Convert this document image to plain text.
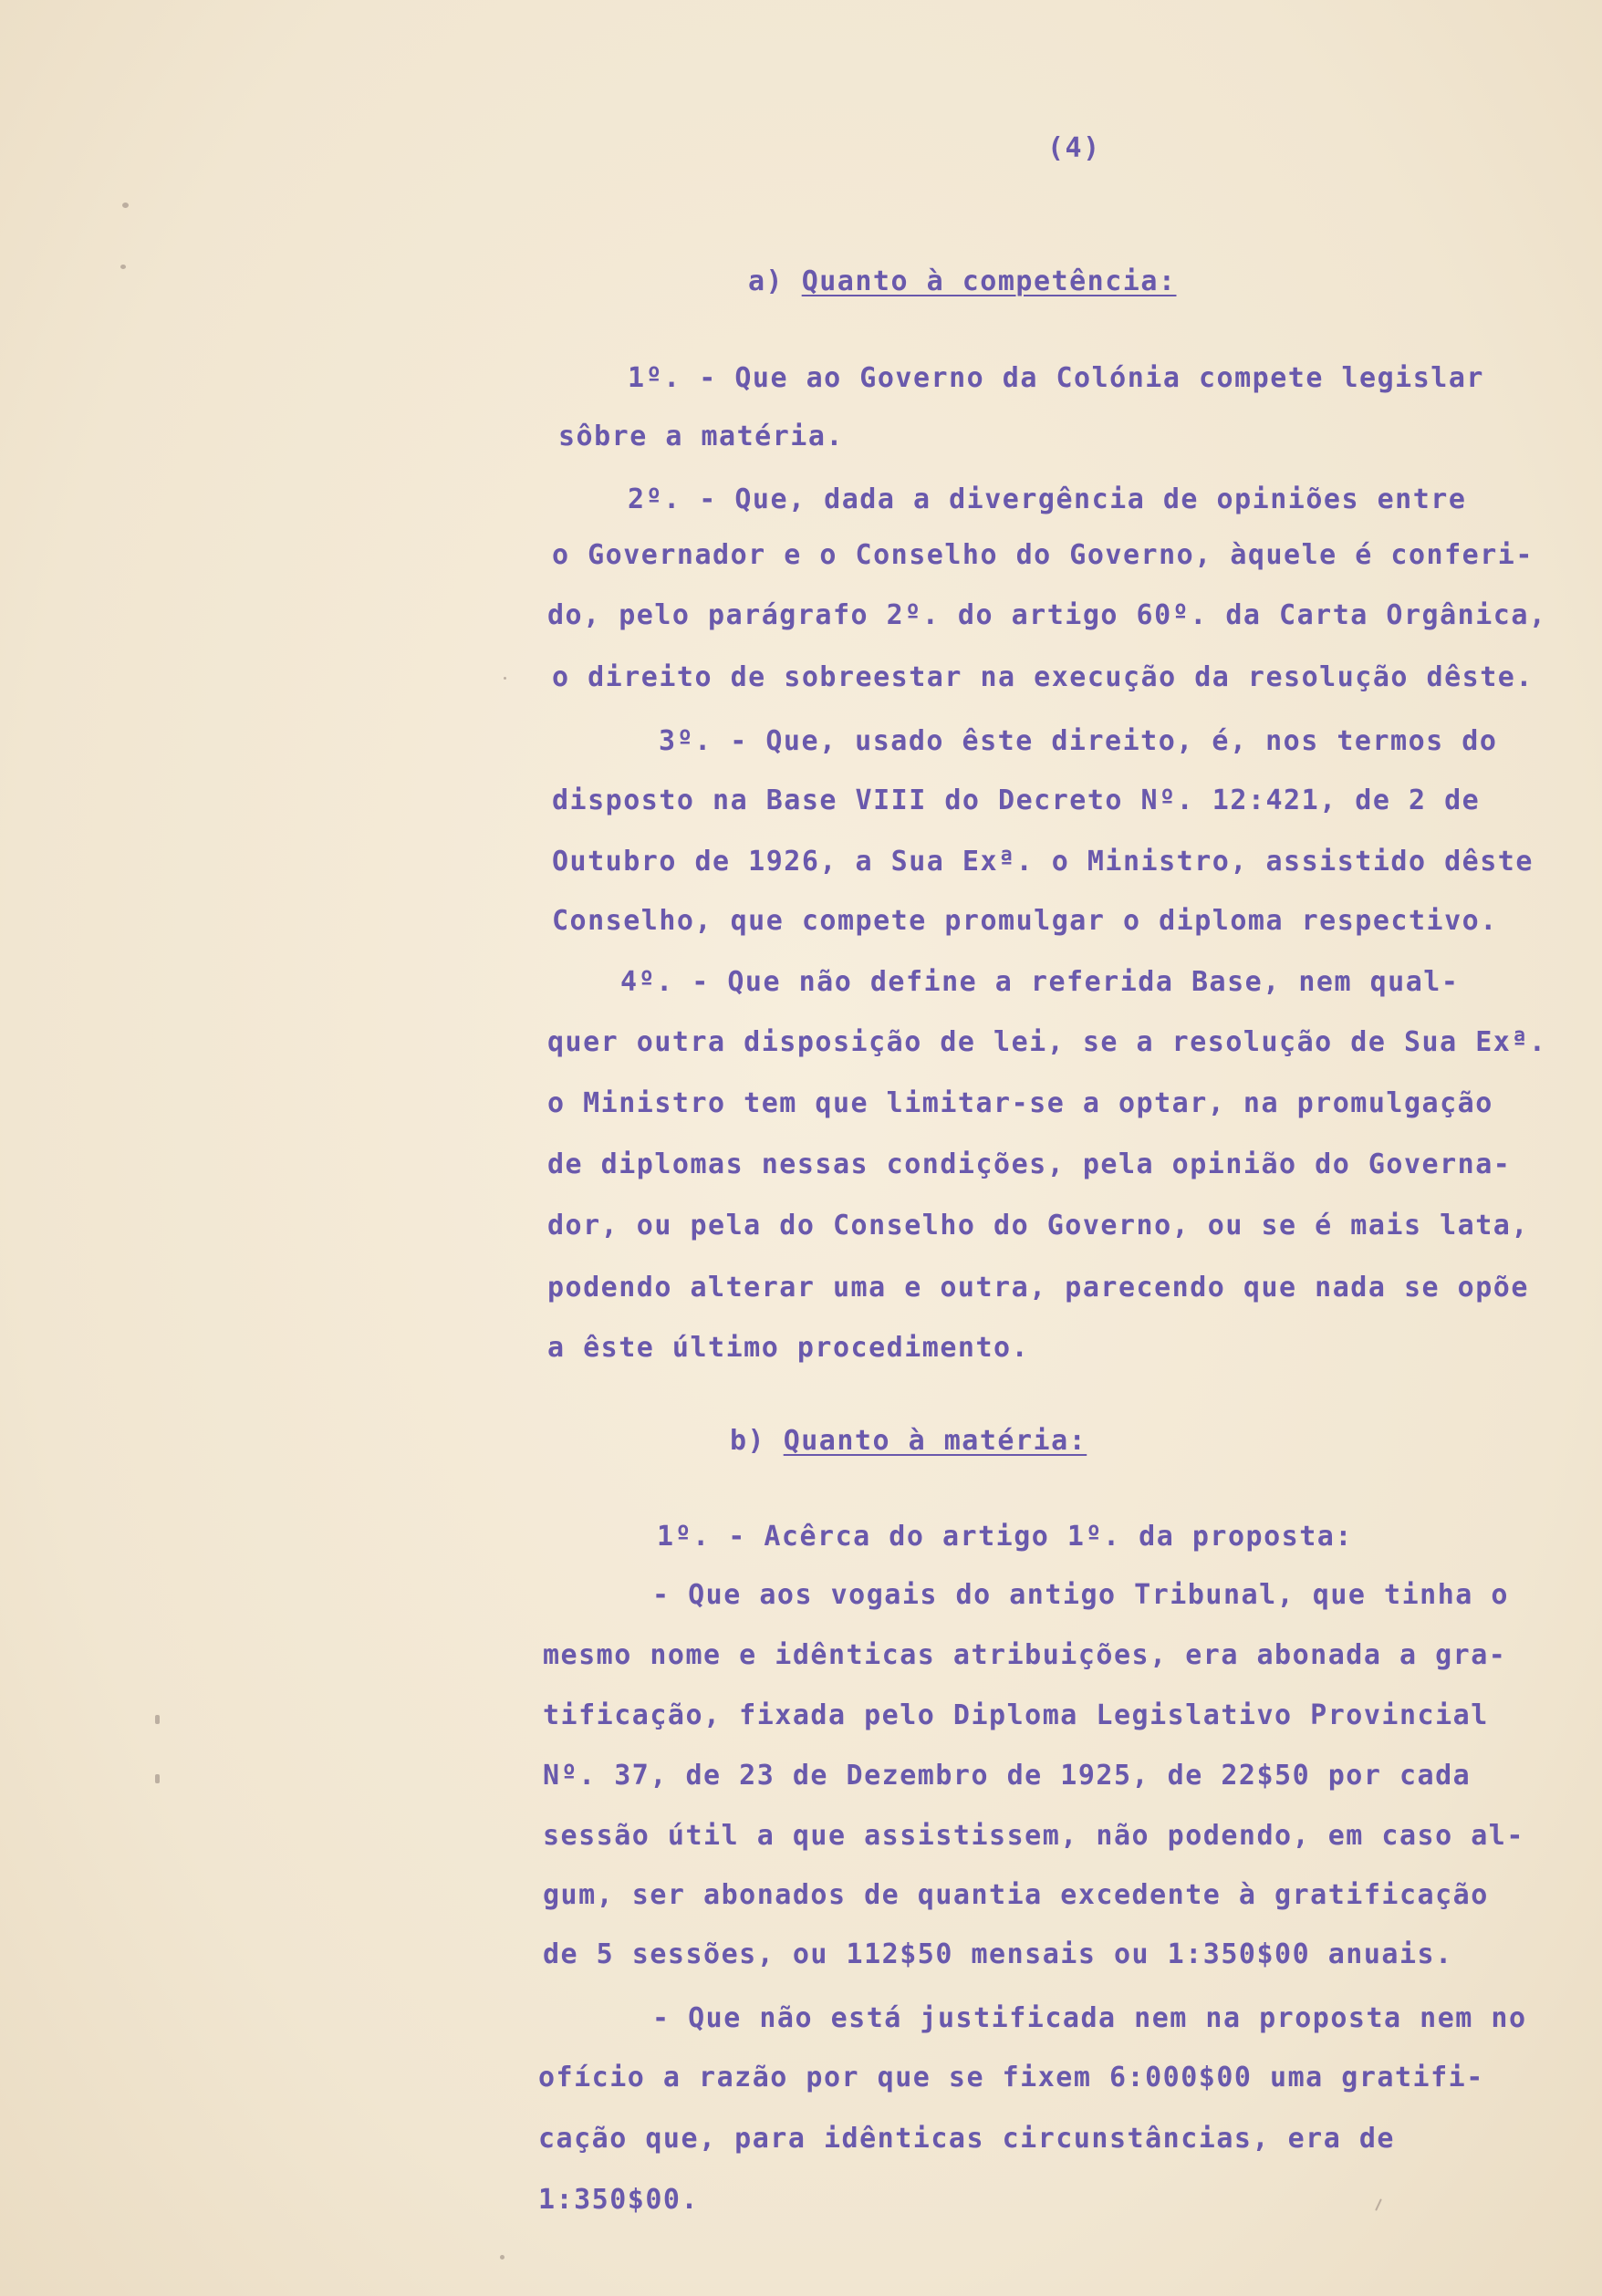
(4)
a) Quanto à competência:
1º. - Que ao Governo da Colónia compete legislar
sôbre a matéria.
2º. - Que, dada a divergência de opiniões entre
o Governador e o Conselho do Governo, àquele é conferi-
do, pelo parágrafo 2º. do artigo 60º. da Carta Orgânica,
o direito de sobreestar na execução da resolução dêste.
3º. - Que, usado êste direito, é, nos termos do
disposto na Base VIII do Decreto Nº. 12:421, de 2 de
Outubro de 1926, a Sua Exª. o Ministro, assistido dêste
Conselho, que compete promulgar o diploma respectivo.
4º. - Que não define a referida Base, nem qual-
quer outra disposição de lei, se a resolução de Sua Exª.
o Ministro tem que limitar-se a optar, na promulgação
de diplomas nessas condições, pela opinião do Governa-
dor, ou pela do Conselho do Governo, ou se é mais lata,
podendo alterar uma e outra, parecendo que nada se opõe
a êste último procedimento.
b) Quanto à matéria:
1º. - Acêrca do artigo 1º. da proposta:
- Que aos vogais do antigo Tribunal, que tinha o
mesmo nome e idênticas atribuições, era abonada a gra-
tificação, fixada pelo Diploma Legislativo Provincial
Nº. 37, de 23 de Dezembro de 1925, de 22$50 por cada
sessão útil a que assistissem, não podendo, em caso al-
gum, ser abonados de quantia excedente à gratificação
de 5 sessões, ou 112$50 mensais ou 1:350$00 anuais.
- Que não está justificada nem na proposta nem no
ofício a razão por que se fixem 6:000$00 uma gratifi-
cação que, para idênticas circunstâncias, era de
1:350$00.
